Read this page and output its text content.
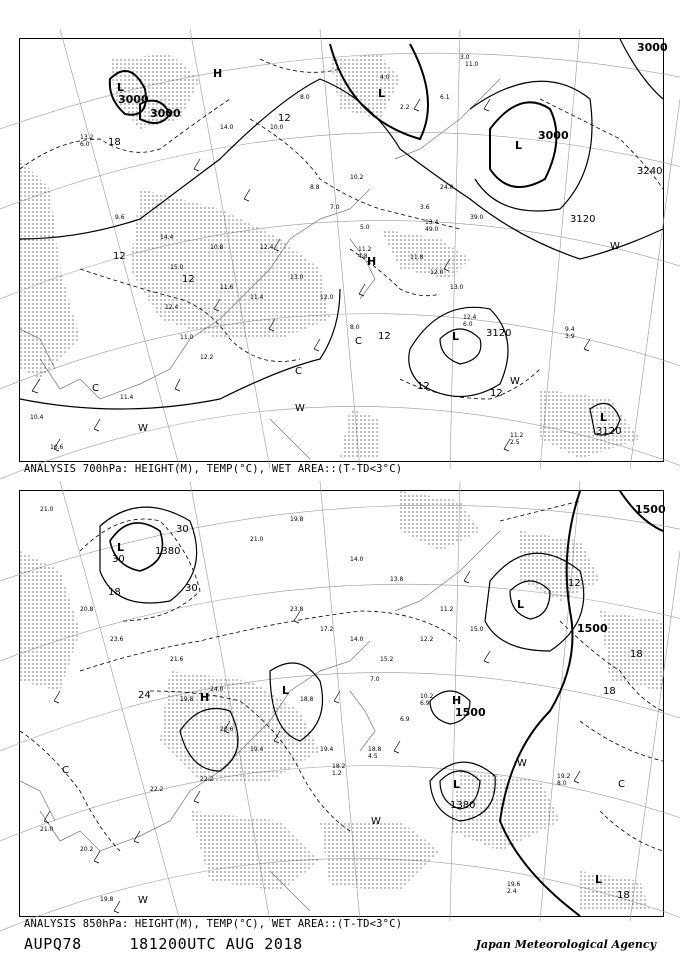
13.2
6.0
9.6
14.4
15.0
10.8
11.6
11.4
12.4
13.0
8.8
7.0
10.2
5.0
3.6
24.0
39.0
12.0
8.0
11.0
12.2
11.4
10.4
10.6
8.0
10.0
14.0
4.0
2.2
6.1
3.0
11.0
11.8
12.0
13.0
12.4
3000
3000
3000
3000
3120
3120
3120
3240
12
12
12
12
12
18
12
L	L
L
L
L
H
H
C
C
C
W
W
W
W
11.2
2.5
9.4
3.9
12.4
6.0
13.4
49.0
11.2
4.8
ANALYSIS 700hPa: HEIGHT(M), TEMP(°C), WET AREA::(T-TD<3°C)
21.0
20.8
23.6
21.6
19.8
24.0
20.6
19.4
23.8
17.2
14.0
15.2
12.2
11.2
15.0
18.8
19.4
22.2
22.2
21.0
20.2
19.8
7.0
6.9
21.0
19.8
14.0
13.8
1380
1500
1500
1380
1500
30
30
30
24
18
18
18
18
12
L
L
L
L
L
H
H
C
W
W
W
C
19.2
8.0
19.6
2.4
18.8
4.5
10.2
6.9
18.2
1.2
ANALYSIS 850hPa: HEIGHT(M), TEMP(°C), WET AREA::(T-TD<3°C)
AUPQ78	181200UTC AUG 2018	Japan Meteorological Agency
